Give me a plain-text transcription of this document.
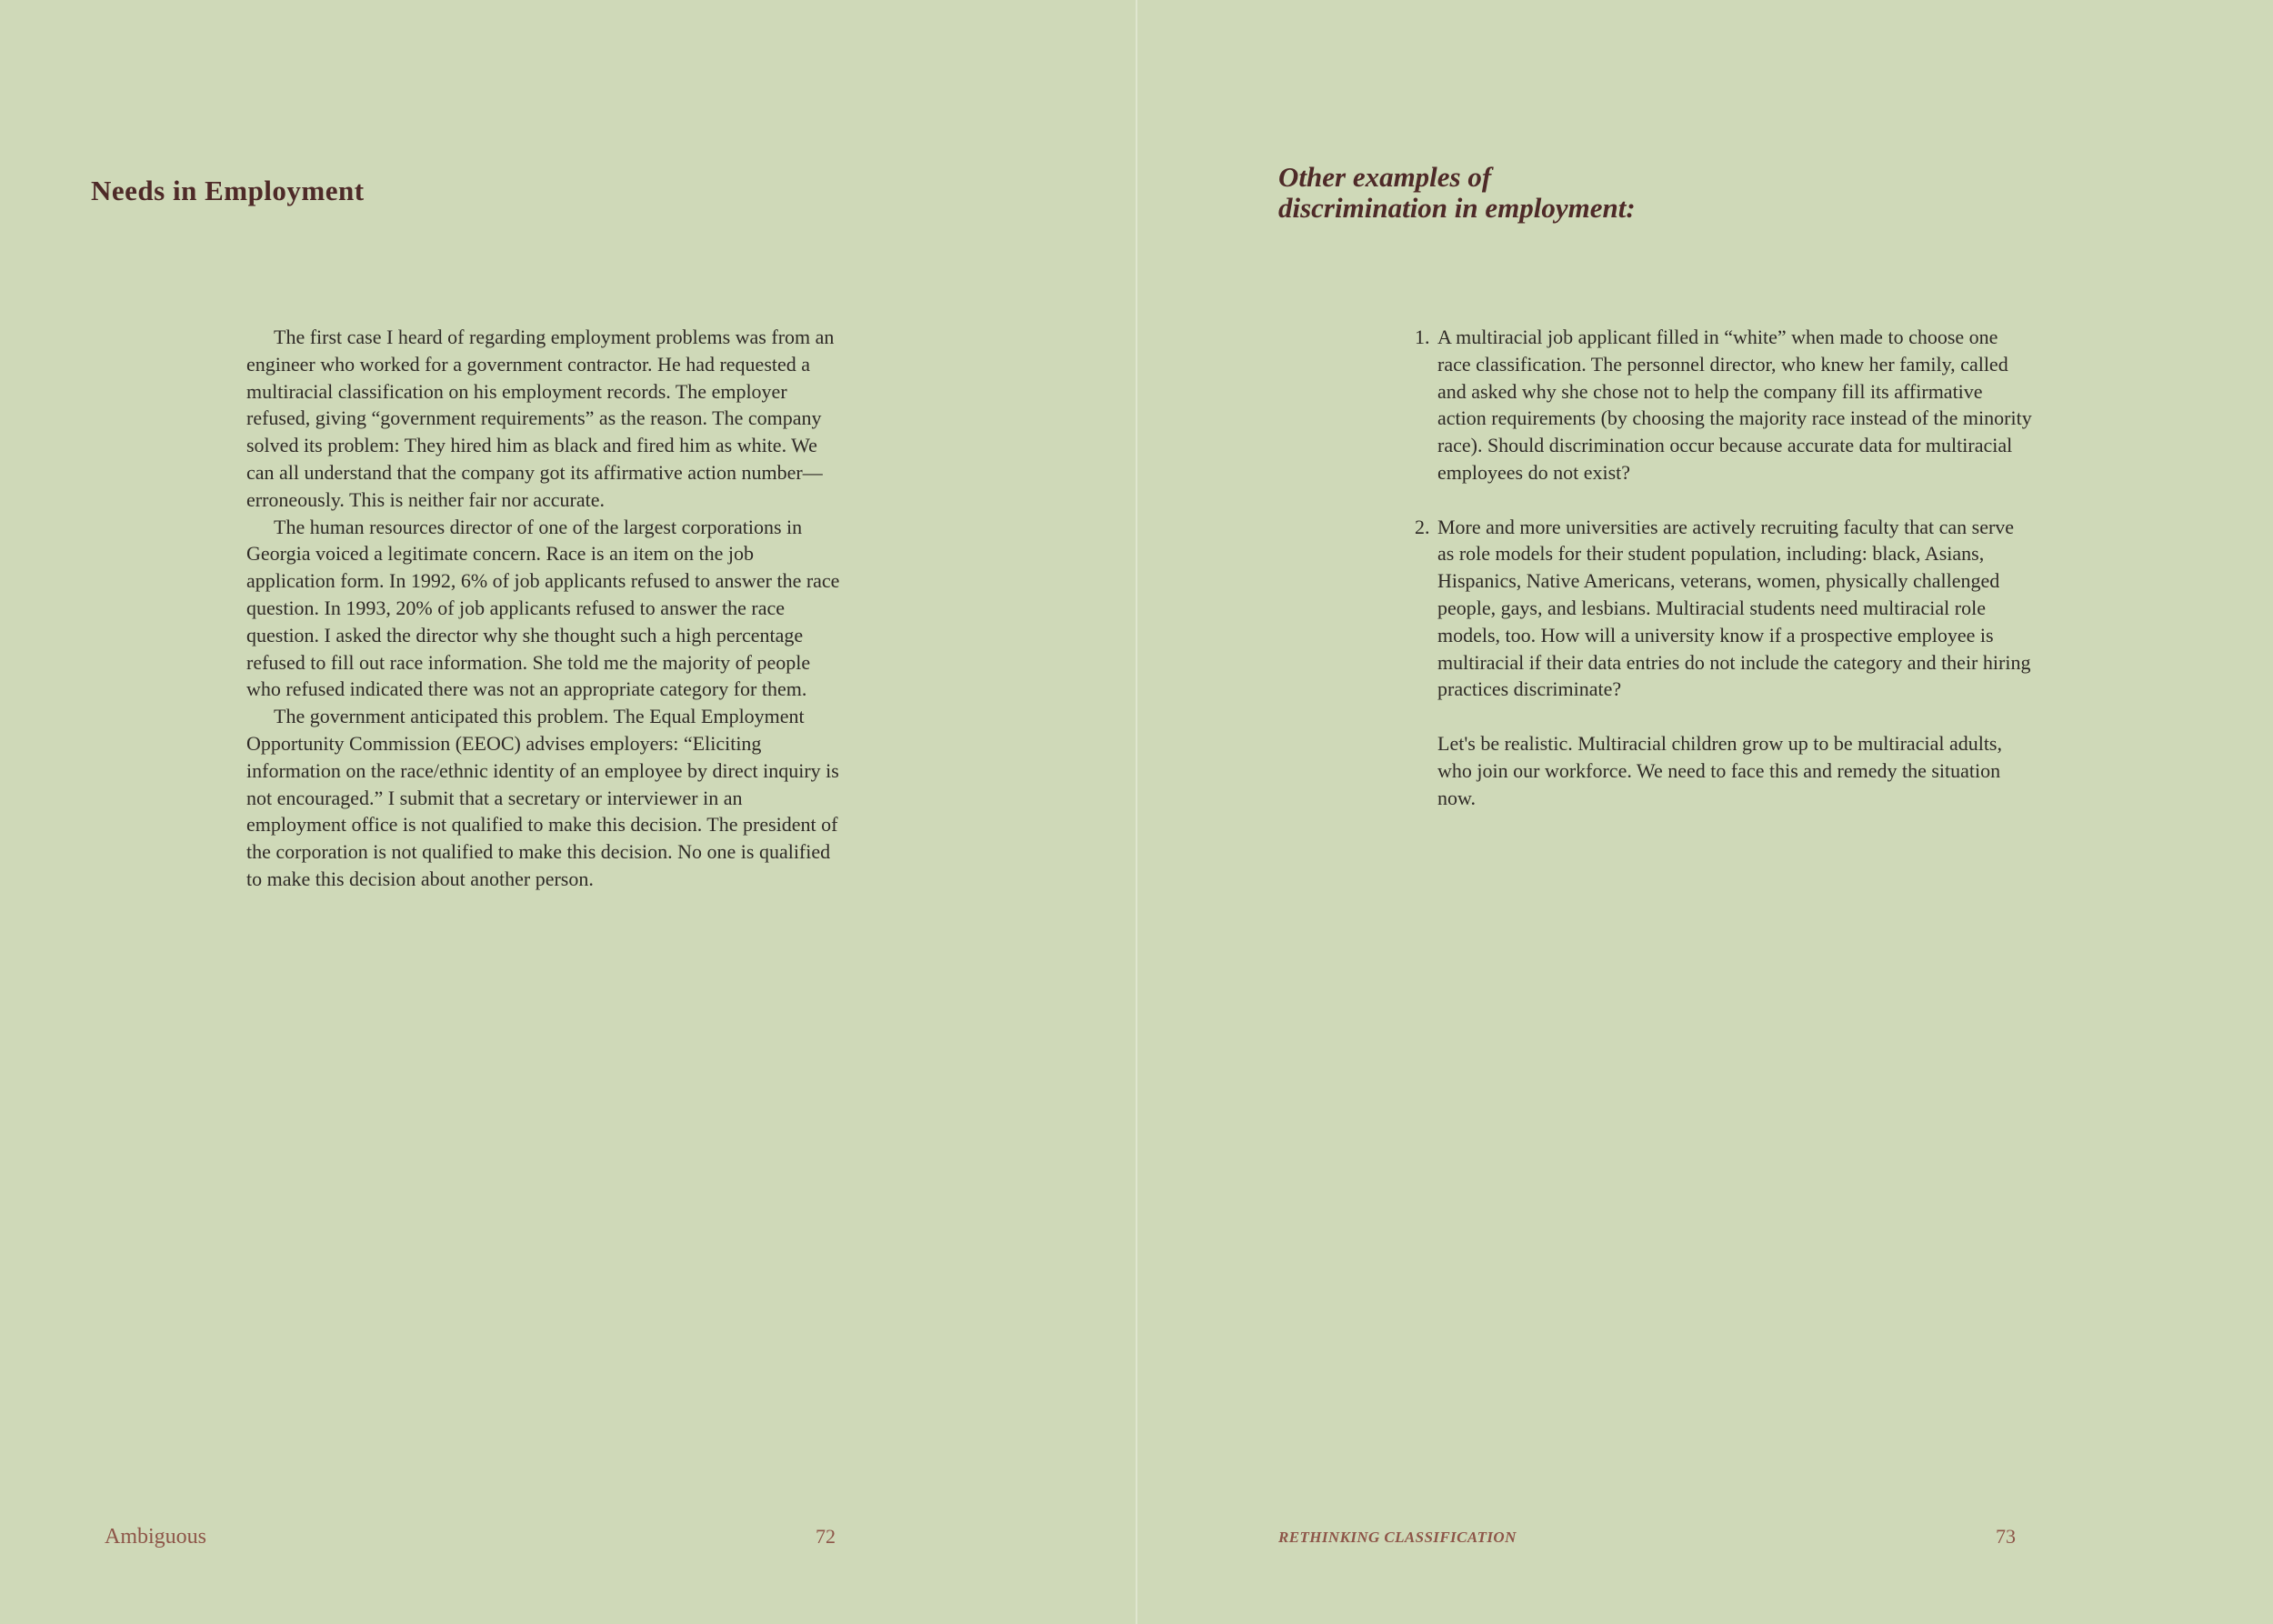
Needs in Employment

The first case I heard of regarding employment problems was from an engineer who worked for a government contractor. He had requested a multiracial classification on his employment records. The employer refused, giving “government requirements” as the reason. The company solved its problem: They hired him as black and fired him as white. We can all understand that the company got its affirmative action number—erroneously. This is neither fair nor accurate.

The human resources director of one of the largest corporations in Georgia voiced a legitimate concern. Race is an item on the job application form. In 1992, 6% of job applicants refused to answer the race question. In 1993, 20% of job applicants refused to answer the race question. I asked the director why she thought such a high percentage refused to fill out race information. She told me the majority of people who refused indicated there was not an appropriate category for them.

The government anticipated this problem. The Equal Employment Opportunity Commission (EEOC) advises employers: “Eliciting information on the race/ethnic identity of an employee by direct inquiry is not encouraged.” I submit that a secretary or interviewer in an employment office is not qualified to make this decision. The president of the corporation is not qualified to make this decision. No one is qualified to make this decision about another person.

Ambiguous	72
Other examples of
discrimination in employment:
1. A multiracial job applicant filled in “white” when made to choose one race classification. The personnel director, who knew her family, called and asked why she chose not to help the company fill its affirmative action requirements (by choosing the majority race instead of the minority race). Should discrimination occur because accurate data for multiracial employees do not exist?
2. More and more universities are actively recruiting faculty that can serve as role models for their student population, including: black, Asians, Hispanics, Native Americans, veterans, women, physically challenged people, gays, and lesbians. Multiracial students need multiracial role models, too. How will a university know if a prospective employee is multiracial if their data entries do not include the category and their hiring practices discriminate?

Let's be realistic. Multiracial children grow up to be multiracial adults, who join our workforce. We need to face this and remedy the situation now.

RETHINKING CLASSIFICATION	73
